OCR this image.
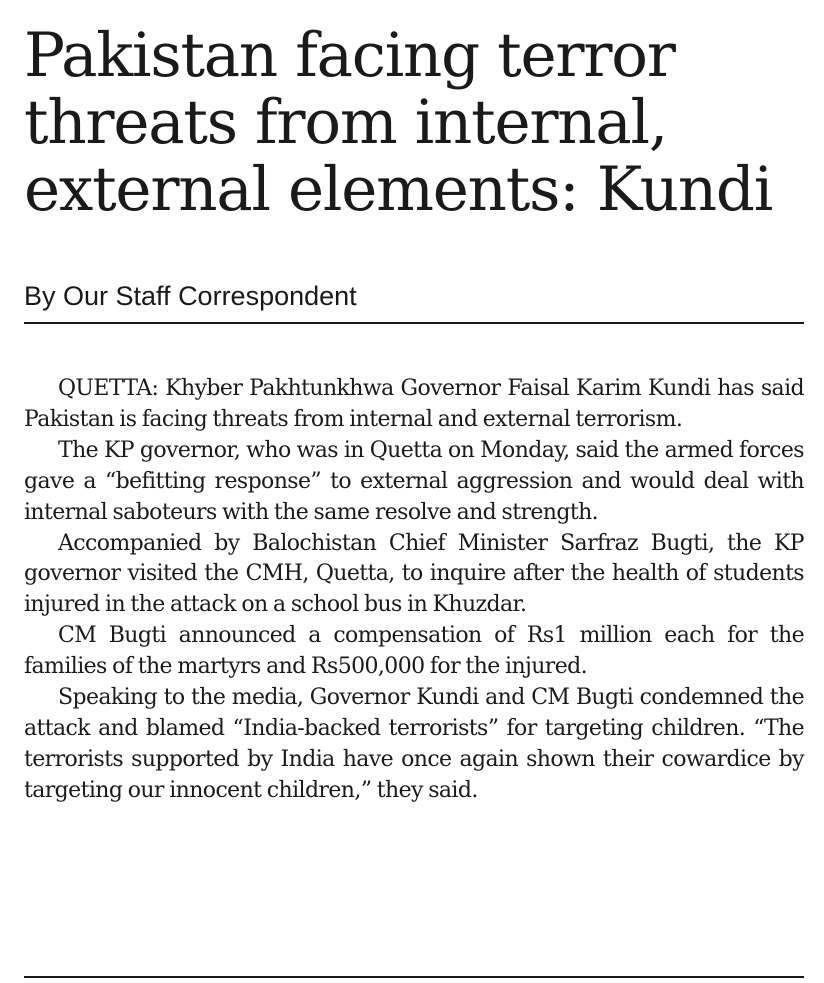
Pakistan facing terror threats from internal, external elements: Kundi
By Our Staff Correspondent

QUETTA: Khyber Pakhtunkhwa Governor Faisal Karim Kundi has said Pakistan is facing threats from internal and external terrorism.

The KP governor, who was in Quetta on Monday, said the armed forces gave a “befitting response” to external aggression and would deal with internal saboteurs with the same resolve and strength.

Accompanied by Balochistan Chief Minister Sarfraz Bugti, the KP governor visited the CMH, Quetta, to inquire after the health of students injured in the attack on a school bus in Khuzdar.

CM Bugti announced a compensation of Rs1 million each for the families of the martyrs and Rs500,000 for the injured.

Speaking to the media, Governor Kundi and CM Bugti condemned the attack and blamed “India-backed terrorists” for targeting children. “The terrorists supported by India have once again shown their cowardice by targeting our innocent children,” they said.
